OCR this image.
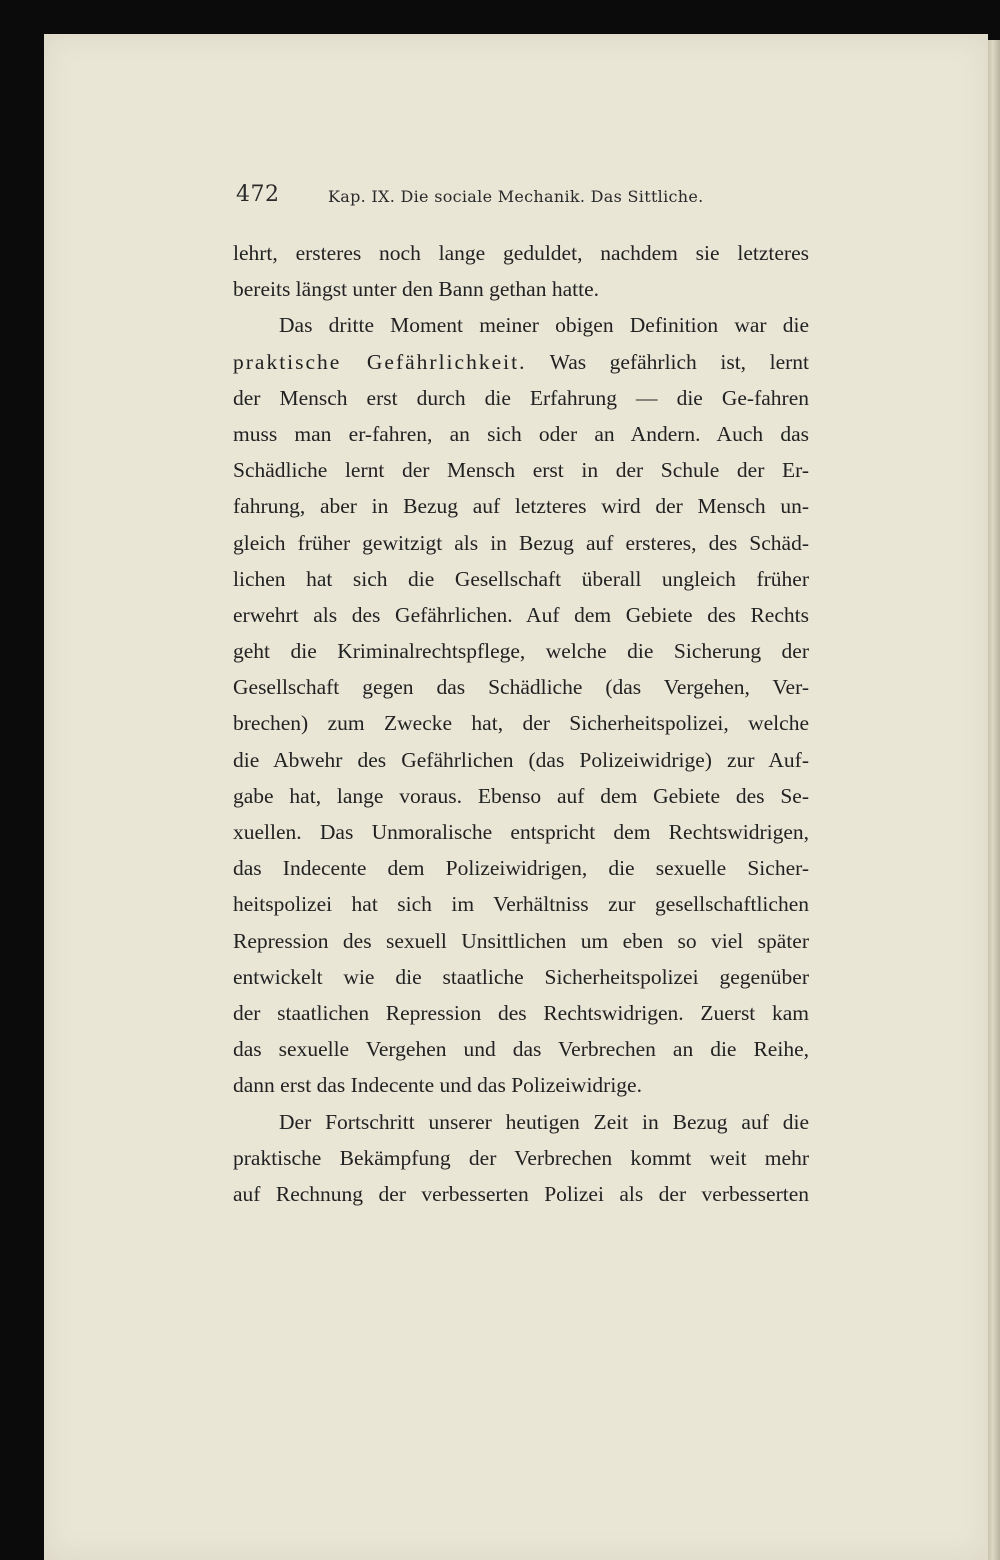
472	Kap. IX. Die sociale Mechanik. Das Sittliche.
lehrt, ersteres noch lange geduldet, nachdem sie letzteres
bereits längst unter den Bann gethan hatte.
Das dritte Moment meiner obigen Definition war die
praktische Gefährlichkeit. Was gefährlich ist, lernt
der Mensch erst durch die Erfahrung — die Ge-fahren
muss man er-fahren, an sich oder an Andern. Auch das
Schädliche lernt der Mensch erst in der Schule der Er-
fahrung, aber in Bezug auf letzteres wird der Mensch un-
gleich früher gewitzigt als in Bezug auf ersteres, des Schäd-
lichen hat sich die Gesellschaft überall ungleich früher
erwehrt als des Gefährlichen. Auf dem Gebiete des Rechts
geht die Kriminalrechtspflege, welche die Sicherung der
Gesellschaft gegen das Schädliche (das Vergehen, Ver-
brechen) zum Zwecke hat, der Sicherheitspolizei, welche
die Abwehr des Gefährlichen (das Polizeiwidrige) zur Auf-
gabe hat, lange voraus. Ebenso auf dem Gebiete des Se-
xuellen. Das Unmoralische entspricht dem Rechtswidrigen,
das Indecente dem Polizeiwidrigen, die sexuelle Sicher-
heitspolizei hat sich im Verhältniss zur gesellschaftlichen
Repression des sexuell Unsittlichen um eben so viel später
entwickelt wie die staatliche Sicherheitspolizei gegenüber
der staatlichen Repression des Rechtswidrigen. Zuerst kam
das sexuelle Vergehen und das Verbrechen an die Reihe,
dann erst das Indecente und das Polizeiwidrige.
Der Fortschritt unserer heutigen Zeit in Bezug auf die
praktische Bekämpfung der Verbrechen kommt weit mehr
auf Rechnung der verbesserten Polizei als der verbesserten
